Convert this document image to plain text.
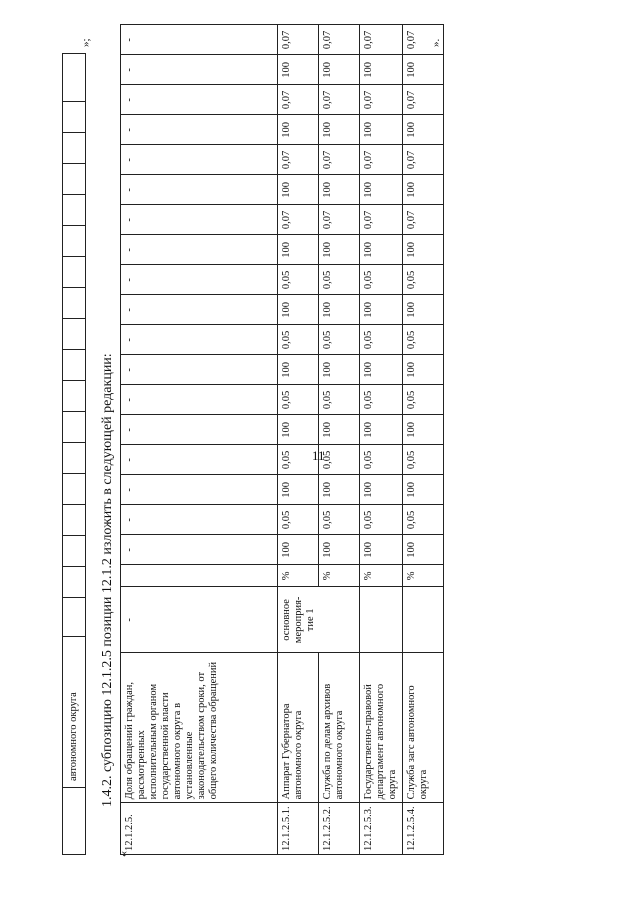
автономного округа
»;
1.4.2. субпозицию 12.1.2.5 позиции 12.1.2 изложить в следующей редакции:
«
12.1.2.5.	Доля обращений граждан, рассмотренных исполнительным органом государственной власти автономного округа в установленные законодательством сроки, от общего количества обращений	-		-	-	-	-	-	-	-	-	-	-	-	-	-	-	-	-	-	-
12.1.2.5.1.	Аппарат Губернатора автономного округа	основное мероприя-тие 1	%	100	0,05	100	0,05	100	0,05	100	0,05	100	0,05	100	0,07	100	0,07	100	0,07	100	0,07
12.1.2.5.2.	Служба по делам архивов автономного округа		%	100	0,05	100	0,05	100	0,05	100	0,05	100	0,05	100	0,07	100	0,07	100	0,07	100	0,07
12.1.2.5.3.	Государственно-правовой департамент автономного округа		%	100	0,05	100	0,05	100	0,05	100	0,05	100	0,05	100	0,07	100	0,07	100	0,07	100	0,07
12.1.2.5.4.	Служба загс автономного округа		%	100	0,05	100	0,05	100	0,05	100	0,05	100	0,05	100	0,07	100	0,07	100	0,07	100	0,07 ».
11
